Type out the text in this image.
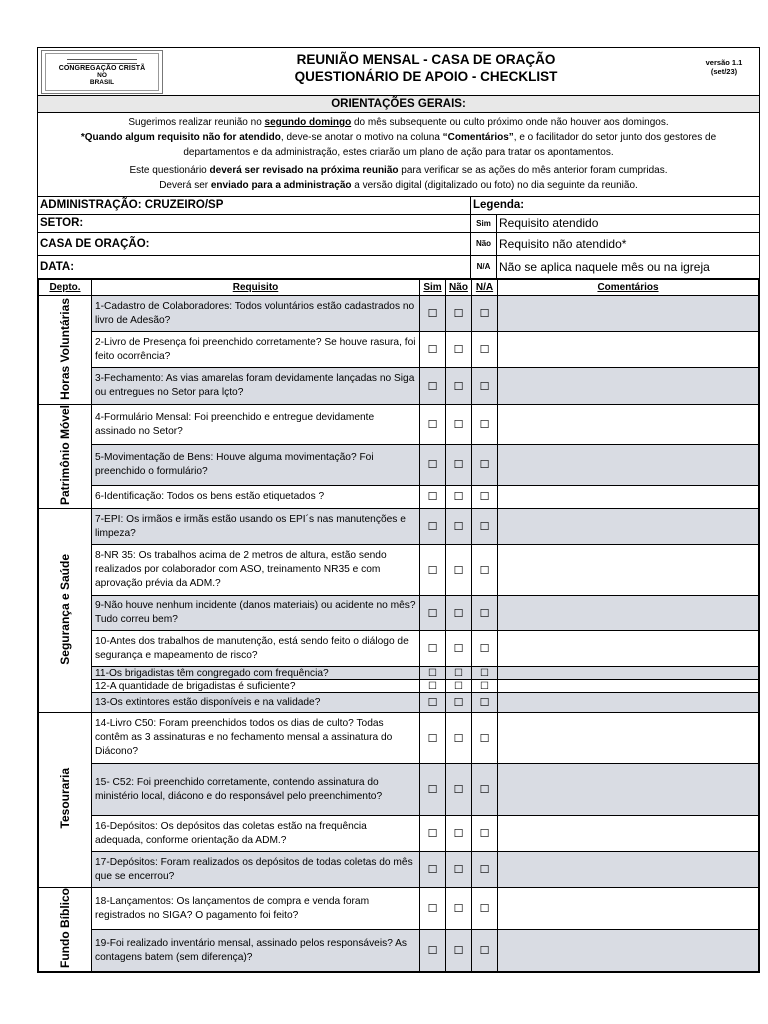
CONGREGAÇÃO CRISTÃ
NO
BRASIL
REUNIÃO MENSAL - CASA DE ORAÇÃO
QUESTIONÁRIO DE APOIO - CHECKLIST
versão 1.1
(set/23)
ORIENTAÇÕES GERAIS:

Sugerimos realizar reunião no segundo domingo do mês subsequente ou culto próximo onde não houver aos domingos.

*Quando algum requisito não for atendido, deve-se anotar o motivo na coluna “Comentários”, e o facilitador do setor junto dos gestores de departamentos e da administração, estes criarão um plano de ação para tratar os apontamentos.

Este questionário deverá ser revisado na próxima reunião para verificar se as ações do mês anterior foram cumpridas.

Deverá ser enviado para a administração a versão digital (digitalizado ou foto) no dia seguinte da reunião.

ADMINISTRAÇÃO: CRUZEIRO/SP	Legenda:
SETOR:	Sim Requisito atendido
CASA DE ORAÇÃO:	Não Requisito não atendido*
DATA:	N/A Não se aplica naquele mês ou na igreja
Depto.	Requisito	Sim	Não	N/A	Comentários
Horas Voluntárias	1-Cadastro de Colaboradores: Todos voluntários estão cadastrados no livro de Adesão?	☐	☐	☐	
	2-Livro de Presença foi preenchido corretamente? Se houve rasura, foi feito ocorrência?	☐	☐	☐	
	3-Fechamento: As vias amarelas foram devidamente lançadas no Siga ou entregues no Setor para lçto?	☐	☐	☐	
Patrimônio Móvel	4-Formulário Mensal: Foi preenchido e entregue devidamente assinado no Setor?	☐	☐	☐	
	5-Movimentação de Bens: Houve alguma movimentação? Foi preenchido o formulário?	☐	☐	☐	
	6-Identificação: Todos os bens estão etiquetados ?	☐	☐	☐	
Segurança e Saúde	7-EPI: Os irmãos e irmãs estão usando os EPI´s nas manutenções e limpeza?	☐	☐	☐	
	8-NR 35: Os trabalhos acima de 2 metros de altura, estão sendo realizados por colaborador com ASO, treinamento NR35 e com aprovação prévia da ADM.?	☐	☐	☐	
	9-Não houve nenhum incidente (danos materiais) ou acidente no mês? Tudo correu bem?	☐	☐	☐	
	10-Antes dos trabalhos de manutenção, está sendo feito o diálogo de segurança e mapeamento de risco?	☐	☐	☐	
	11-Os brigadistas têm congregado com frequência?	☐	☐	☐	
	12-A quantidade de brigadistas é suficiente?	☐	☐	☐	
	13-Os extintores estão disponíveis e na validade?	☐	☐	☐	
Tesouraria	14-Livro C50: Foram preenchidos todos os dias de culto? Todas contêm as 3 assinaturas e no fechamento mensal a assinatura do Diácono?	☐	☐	☐	
	15- C52: Foi preenchido corretamente, contendo assinatura do ministério local, diácono e do responsável pelo preenchimento?	☐	☐	☐	
	16-Depósitos: Os depósitos das coletas estão na frequência adequada, conforme orientação da ADM.?	☐	☐	☐	
	17-Depósitos: Foram realizados os depósitos de todas coletas do mês que se encerrou?	☐	☐	☐	
Fundo Bíblico	18-Lançamentos: Os lançamentos de compra e venda foram registrados no SIGA? O pagamento foi feito?	☐	☐	☐	
	19-Foi realizado inventário mensal, assinado pelos responsáveis? As contagens batem (sem diferença)?	☐	☐	☐	
